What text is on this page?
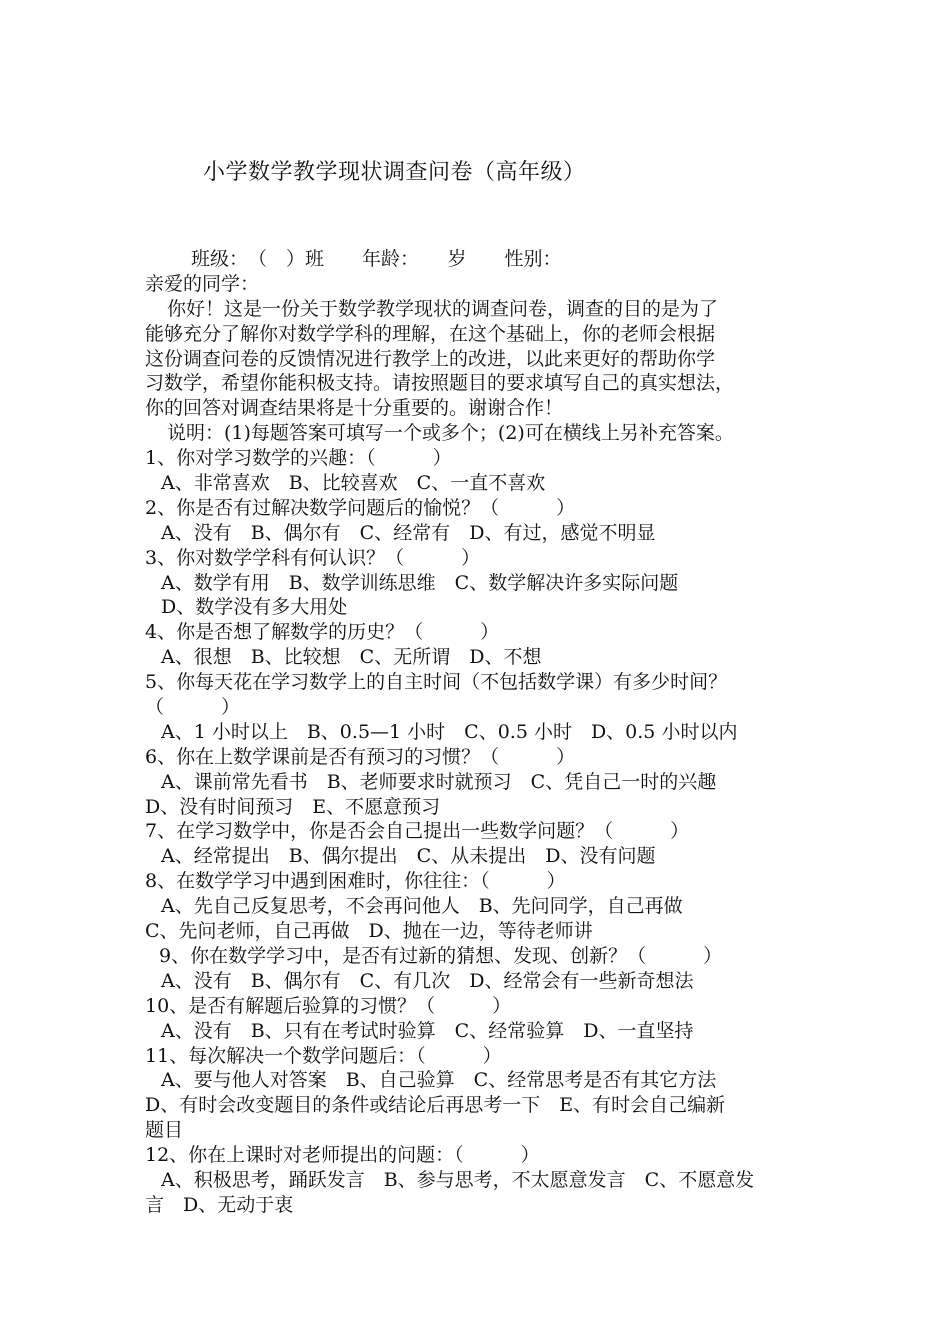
小学数学教学现状调查问卷（高年级）
班级：　（　）班　　年龄：　　岁　　性别：
亲爱的同学：
你好！这是一份关于数学教学现状的调查问卷，调查的目的是为了
能够充分了解你对数学学科的理解，在这个基础上，你的老师会根据
这份调查问卷的反馈情况进行教学上的改进，以此来更好的帮助你学
习数学，希望你能积极支持。请按照题目的要求填写自己的真实想法，
你的回答对调查结果将是十分重要的。谢谢合作！
说明：(1)每题答案可填写一个或多个；(2)可在横线上另补充答案。
1、你对学习数学的兴趣：（　　　）
A、非常喜欢　B、比较喜欢　C、一直不喜欢
2、你是否有过解决数学问题后的愉悦？（　　　）
A、没有　B、偶尔有　C、经常有　D、有过，感觉不明显
3、你对数学学科有何认识？（　　　）
A、数学有用　B、数学训练思维　C、数学解决许多实际问题
D、数学没有多大用处
4、你是否想了解数学的历史？（　　　）
A、很想　B、比较想　C、无所谓　D、不想
5、你每天花在学习数学上的自主时间（不包括数学课）有多少时间？
（　　　）
A、1 小时以上　B、0.5—1 小时　C、0.5 小时　D、0.5 小时以内
6、你在上数学课前是否有预习的习惯？（　　　）
A、课前常先看书　B、老师要求时就预习　C、凭自己一时的兴趣
D、没有时间预习　E、不愿意预习
7、在学习数学中，你是否会自己提出一些数学问题？（　　　）
A、经常提出　B、偶尔提出　C、从未提出　D、没有问题
8、在数学学习中遇到困难时，你往往：（　　　）
A、先自己反复思考，不会再问他人　B、先问同学，自己再做
C、先问老师，自己再做　D、抛在一边，等待老师讲
9、你在数学学习中，是否有过新的猜想、发现、创新？（　　　）
A、没有　B、偶尔有　C、有几次　D、经常会有一些新奇想法
10、是否有解题后验算的习惯？（　　　）
A、没有　B、只有在考试时验算　C、经常验算　D、一直坚持
11、每次解决一个数学问题后：（　　　）
A、要与他人对答案　B、自己验算　C、经常思考是否有其它方法
D、有时会改变题目的条件或结论后再思考一下　E、有时会自己编新
题目
12、你在上课时对老师提出的问题：（　　　）
A、积极思考，踊跃发言　B、参与思考，不太愿意发言　C、不愿意发
言　D、无动于衷
